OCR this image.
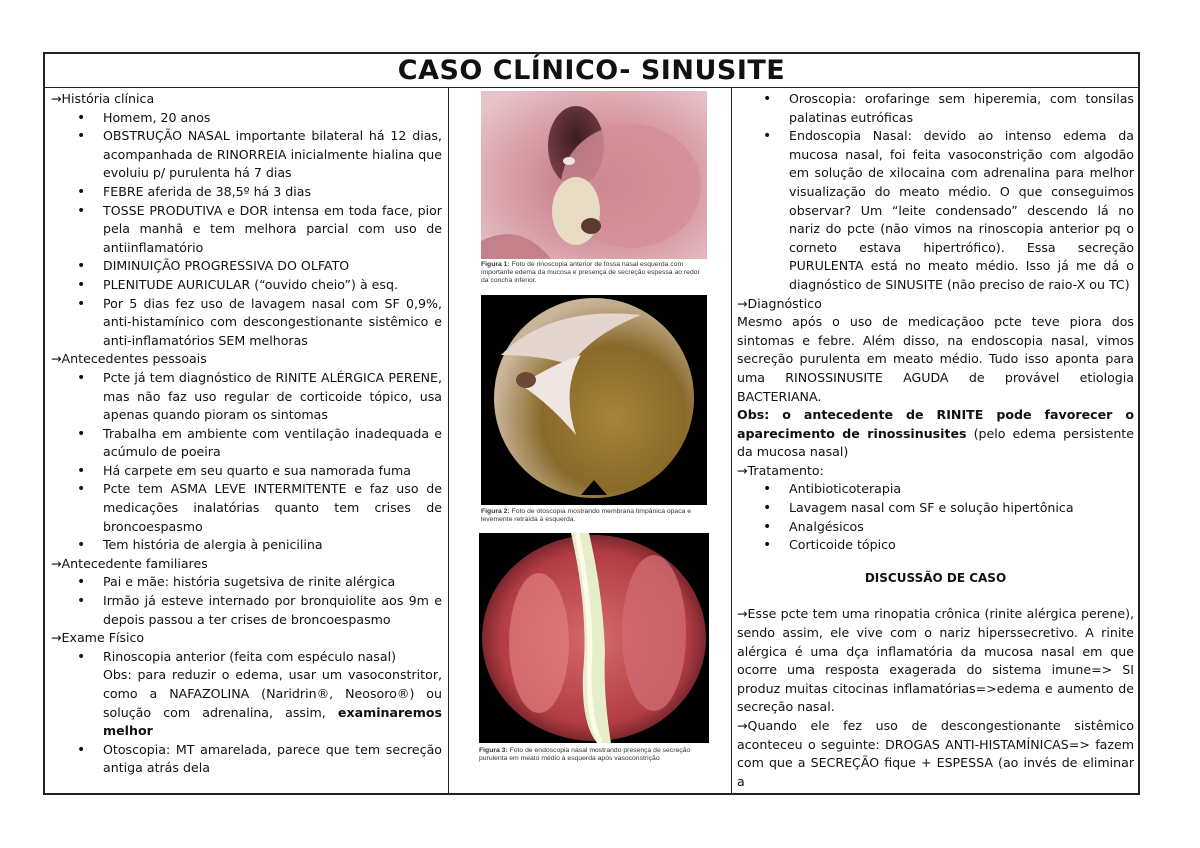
CASO CLÍNICO- SINUSITE

→História clínica

• Homem, 20 anos
• OBSTRUÇÃO NASAL importante bilateral há 12 dias, acompanhada de RINORREIA inicialmente hialina que evoluiu p/ purulenta há 7 dias
• FEBRE aferida de 38,5º há 3 dias
• TOSSE PRODUTIVA e DOR intensa em toda face, pior pela manhã e tem melhora parcial com uso de antiinflamatório
• DIMINUIÇÃO PROGRESSIVA DO OLFATO
• PLENITUDE AURICULAR (“ouvido cheio”) à esq.
• Por 5 dias fez uso de lavagem nasal com SF 0,9%, anti-histamínico com descongestionante sistêmico e anti-inflamatórios SEM melhoras

→Antecedentes pessoais

• Pcte já tem diagnóstico de RINITE ALÉRGICA PERENE, mas não faz uso regular de corticoide tópico, usa apenas quando pioram os sintomas
• Trabalha em ambiente com ventilação inadequada e acúmulo de poeira
• Há carpete em seu quarto e sua namorada fuma
• Pcte tem ASMA LEVE INTERMITENTE e faz uso de medicações inalatórias quanto tem crises de broncoespasmo
• Tem história de alergia à penicilina

→Antecedente familiares

• Pai e mãe: história sugetsiva de rinite alérgica
• Irmão já esteve internado por bronquiolite aos 9m e depois passou a ter crises de broncoespasmo

→Exame Físico

• Rinoscopia anterior (feita com espéculo nasal)
Obs: para reduzir o edema, usar um vasoconstritor, como a NAFAZOLINA (Naridrin®, Neosoro®) ou solução com adrenalina, assim, examinaremos melhor
• Otoscopia: MT amarelada, parece que tem secreção antiga atrás dela
Figura 1: Foto de rinoscopia anterior de fossa nasal esquerda com importante edema da mucosa e presença de secreção espessa ao redor da concha inferior.
Figura 2: Foto de otoscopia mostrando membrana timpânica opaca e levemente retraída à esquerda.
Figura 3: Foto de endoscopia nasal mostrando presença de secreção purulenta em meato médio à esquerda após vasoconstrição
• Oroscopia: orofaringe sem hiperemia, com tonsilas palatinas eutróficas
• Endoscopia Nasal: devido ao intenso edema da mucosa nasal, foi feita vasoconstrição com algodão em solução de xilocaina com adrenalina para melhor visualização do meato médio. O que conseguimos observar? Um “leite condensado” descendo lá no nariz do pcte (não vimos na rinoscopia anterior pq o corneto estava hipertrófico). Essa secreção PURULENTA está no meato médio. Isso já me dá o diagnóstico de SINUSITE (não preciso de raio-X ou TC)

→Diagnóstico

Mesmo após o uso de medicaçãoo pcte teve piora dos sintomas e febre. Além disso, na endoscopia nasal, vimos secreção purulenta em meato médio. Tudo isso aponta para uma RINOSSINUSITE AGUDA de provável etiologia BACTERIANA.

Obs: o antecedente de RINITE pode favorecer o aparecimento de rinossinusites (pelo edema persistente da mucosa nasal)

→Tratamento:

• Antibioticoterapia
• Lavagem nasal com SF e solução hipertônica
• Analgésicos
• Corticoide tópico

DISCUSSÃO DE CASO

→Esse pcte tem uma rinopatia crônica (rinite alérgica perene), sendo assim, ele vive com o nariz hiperssecretivo. A rinite alérgica é uma dça inflamatória da mucosa nasal em que ocorre uma resposta exagerada do sistema imune=> SI produz muitas citocinas inflamatórias=>edema e aumento de secreção nasal.

→Quando ele fez uso de descongestionante sistêmico aconteceu o seguinte: DROGAS ANTI-HISTAMÍNICAS=> fazem com que a SECREÇÃO fique + ESPESSA (ao invés de eliminar a
